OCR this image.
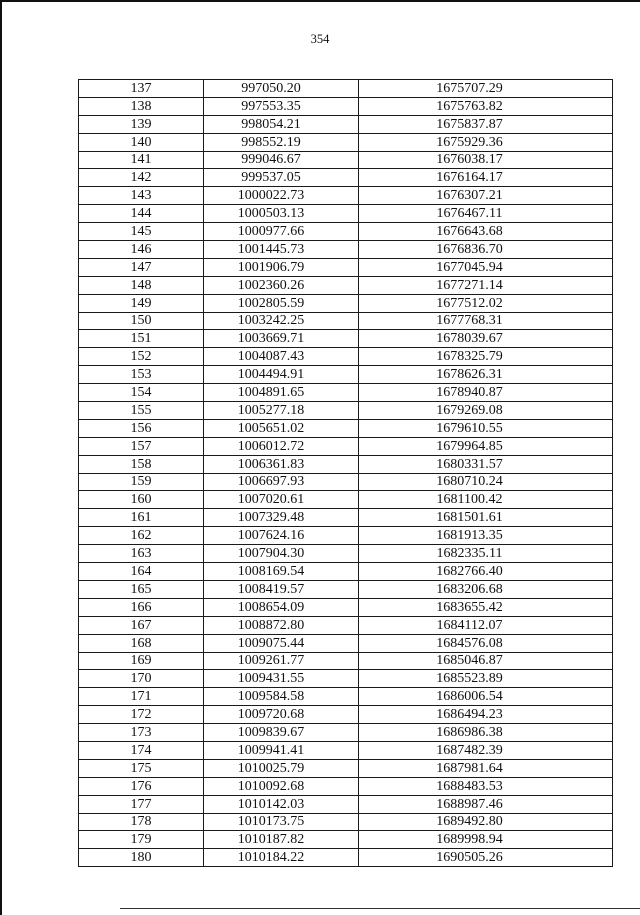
354
137	997050.20	1675707.29
138	997553.35	1675763.82
139	998054.21	1675837.87
140	998552.19	1675929.36
141	999046.67	1676038.17
142	999537.05	1676164.17
143	1000022.73	1676307.21
144	1000503.13	1676467.11
145	1000977.66	1676643.68
146	1001445.73	1676836.70
147	1001906.79	1677045.94
148	1002360.26	1677271.14
149	1002805.59	1677512.02
150	1003242.25	1677768.31
151	1003669.71	1678039.67
152	1004087.43	1678325.79
153	1004494.91	1678626.31
154	1004891.65	1678940.87
155	1005277.18	1679269.08
156	1005651.02	1679610.55
157	1006012.72	1679964.85
158	1006361.83	1680331.57
159	1006697.93	1680710.24
160	1007020.61	1681100.42
161	1007329.48	1681501.61
162	1007624.16	1681913.35
163	1007904.30	1682335.11
164	1008169.54	1682766.40
165	1008419.57	1683206.68
166	1008654.09	1683655.42
167	1008872.80	1684112.07
168	1009075.44	1684576.08
169	1009261.77	1685046.87
170	1009431.55	1685523.89
171	1009584.58	1686006.54
172	1009720.68	1686494.23
173	1009839.67	1686986.38
174	1009941.41	1687482.39
175	1010025.79	1687981.64
176	1010092.68	1688483.53
177	1010142.03	1688987.46
178	1010173.75	1689492.80
179	1010187.82	1689998.94
180	1010184.22	1690505.26
